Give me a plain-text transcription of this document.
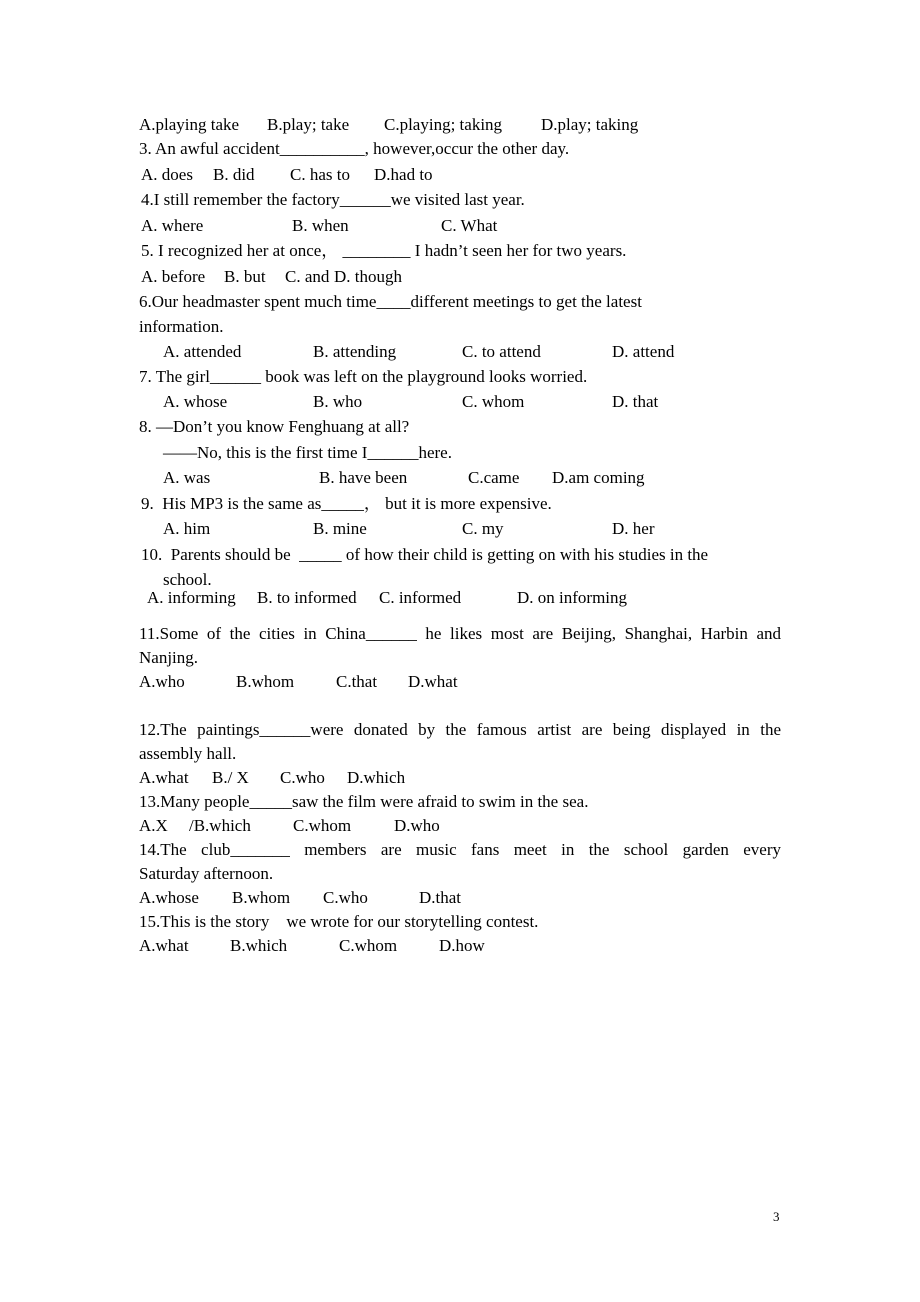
A.playing take B.play; take C.playing; taking D.play; taking
3. An awful accident__________, however,occur the other day.
A. does B. did C. has to D.had to
4.I still remember the factory______we visited last year.
A. where	B. when	C. What
5. I recognized her at once， ________ I hadn’t seen her for two years.
A. before B. but C. and D. though
6.Our headmaster spent much time____different meetings to get the latest
information.
A. attended	B. attending	C. to attend	D. attend
7. The girl______ book was left on the playground looks worried.
A. whose	B. who	C. whom	D. that
8. —Don’t you know Fenghuang at all?
——No, this is the first time I______here.
A. was	B. have been	C.came D.am coming
9.  His MP3 is the same as_____， but it is more expensive.
A. him	B. mine	C. my	D. her
10.  Parents should be  _____ of how their child is getting on with his studies in the
school.
A. informing B. to informed C. informed	D. on informing
11.Some of the cities in China______ he likes most are Beijing, Shanghai, Harbin and
Nanjing.
A.who	B.whom C.that D.what
12.The paintings______were donated by the famous artist are being displayed in the
assembly hall.
A.what B./ X C.who D.which
13.Many people_____saw the film were afraid to swim in the sea.
A.X /B.which C.whom	D.who
14.The club_______ members are music fans meet in the school garden every
Saturday afternoon.
A.whose B.whom C.who	D.that
15.This is the story    we wrote for our storytelling contest.
A.what B.which	C.whom D.how
3
